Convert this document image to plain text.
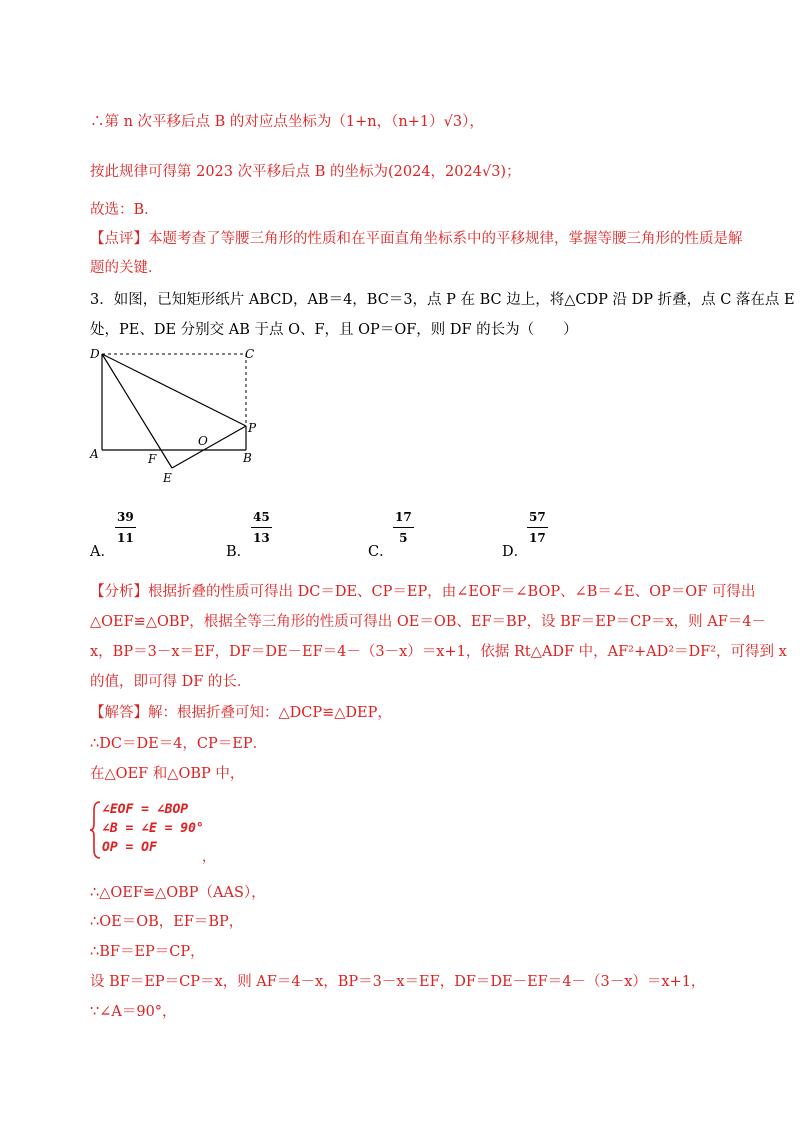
∴第 n 次平移后点 B 的对应点坐标为（1+n，（n+1）√3），
按此规律可得第 2023 次平移后点 B 的坐标为(2024，2024√3)；
故选：B．
【点评】本题考查了等腰三角形的性质和在平面直角坐标系中的平移规律，掌握等腰三角形的性质是解
题的关键．
3．如图，已知矩形纸片 ABCD，AB＝4，BC＝3，点 P 在 BC 边上，将△CDP 沿 DP 折叠，点 C 落在点 E
处，PE、DE 分别交 AB 于点 O、F，且 OP＝OF，则 DF 的长为（　　）
D	C
A	B
P
O
F
E
A．
39
11
B．
45
13
C．
17
5
D．
57
17
【分析】根据折叠的性质可得出 DC＝DE、CP＝EP，由∠EOF＝∠BOP、∠B＝∠E、OP＝OF 可得出
△OEF≌△OBP，根据全等三角形的性质可得出 OE＝OB、EF＝BP，设 BF＝EP＝CP＝x，则 AF＝4－
x，BP＝3－x＝EF，DF＝DE－EF＝4－（3－x）＝x+1，依据 Rt△ADF 中，AF²+AD²＝DF²，可得到 x
的值，即可得 DF 的长．
【解答】解：根据折叠可知：△DCP≌△DEP，
∴DC＝DE＝4，CP＝EP．
在△OEF 和△OBP 中，
∠EOF = ∠BOP
∠B = ∠E = 90°
OP = OF
，
∴△OEF≌△OBP（AAS），
∴OE＝OB，EF＝BP，
∴BF＝EP＝CP，
设 BF＝EP＝CP＝x，则 AF＝4－x，BP＝3－x＝EF，DF＝DE－EF＝4－（3－x）＝x+1，
∵∠A＝90°，
